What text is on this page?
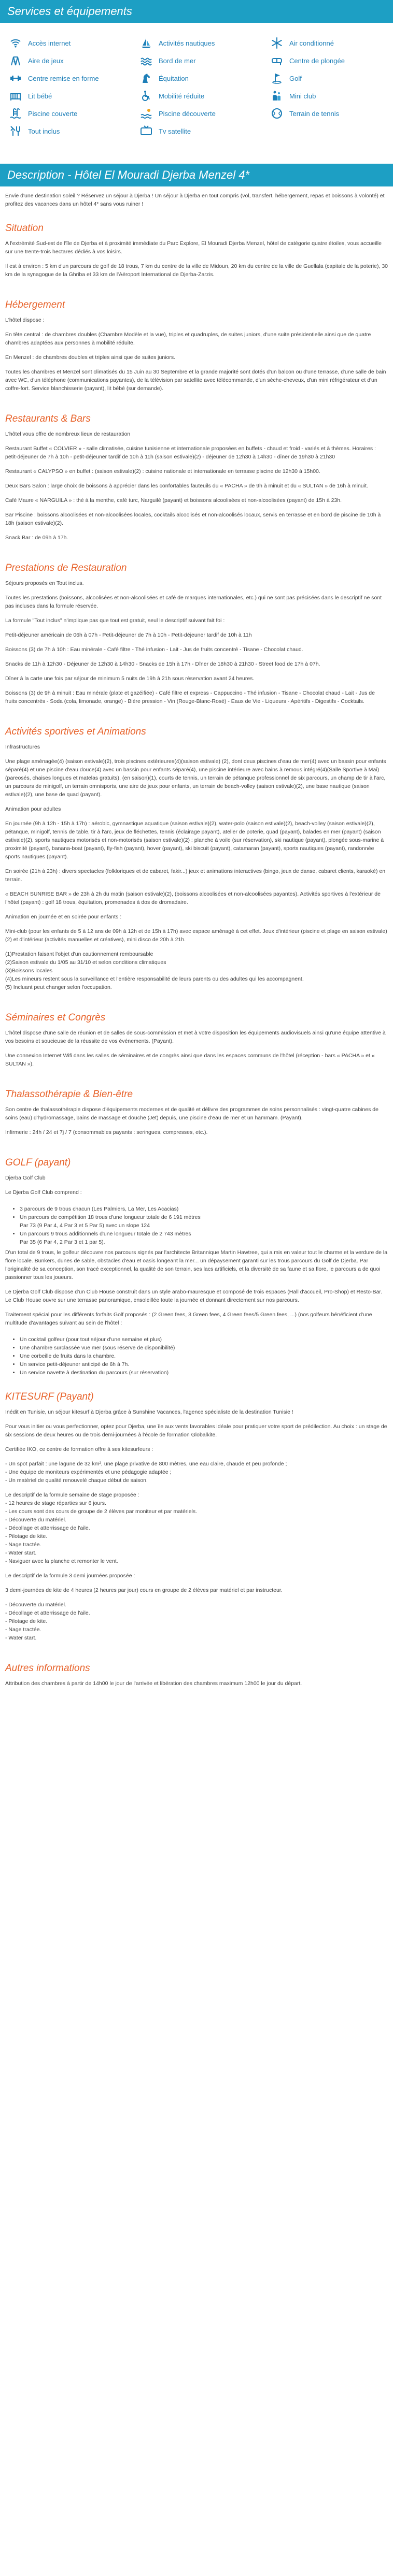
Services et équipements
Accès internet	Activités nautiques	Air conditionné
Aire de jeux	Bord de mer	Centre de plongée
Centre remise en forme	Équitation	Golf
Lit bébé	Mobilité réduite	Mini club
Piscine couverte	Piscine découverte	Terrain de tennis
Tout inclus	Tv satellite
Description - Hôtel El Mouradi Djerba Menzel 4*

Envie d'une destination soleil ? Réservez un séjour à Djerba ! Un séjour à Djerba en tout compris (vol, transfert, hébergement, repas et boissons à volonté) et profitez des vacances dans un hôtel 4* sans vous ruiner !

Situation

A l'extrémité Sud-est de l'île de Djerba et à proximité immédiate du Parc Explore, El Mouradi Djerba Menzel, hôtel de catégorie quatre étoiles, vous accueille sur une trente-trois hectares dédiés à vos loisirs.

Il est à environ : 5 km d'un parcours de golf de 18 trous, 7 km du centre de la ville de Midoun, 20 km du centre de la ville de Guellala (capitale de la poterie), 30 km de la synagogue de la Ghriba et 33 km de l'Aéroport International de Djerba-Zarzis.

Hébergement

L'hôtel dispose :

En tête central : de chambres doubles (Chambre Modèle et la vue), triples et quadruples, de suites juniors, d'une suite présidentielle ainsi que de quatre chambres adaptées aux personnes à mobilité réduite.

En Menzel : de chambres doubles et triples ainsi que de suites juniors.

Toutes les chambres et Menzel sont climatisés du 15 Juin au 30 Septembre et la grande majorité sont dotés d'un balcon ou d'une terrasse, d'une salle de bain avec WC, d'un téléphone (communications payantes), de la télévision par satellite avec télécommande, d'un sèche-cheveux, d'un mini réfrigérateur et d'un coffre-fort. Service blanchisserie (payant), lit bébé (sur demande).

Restaurants & Bars

L'hôtel vous offre de nombreux lieux de restauration

Restaurant Buffet « COLVIER » - salle climatisée, cuisine tunisienne et internationale proposées en buffets - chaud et froid - variés et à thèmes. Horaires : petit-déjeuner de 7h à 10h - petit-déjeuner tardif de 10h à 11h (saison estivale)(2) - déjeuner de 12h30 à 14h30 - dîner de 19h30 à 21h30

Restaurant « CALYPSO » en buffet : (saison estivale)(2) : cuisine nationale et internationale en terrasse piscine de 12h30 à 15h00.

Deux Bars Salon : large choix de boissons à apprécier dans les confortables fauteuils du « PACHA » de 9h à minuit et du « SULTAN » de 16h à minuit.

Café Maure « NARGUILA » : thé à la menthe, café turc, Narguilé (payant) et boissons alcoolisées et non-alcoolisées (payant) de 15h à 23h.

Bar Piscine : boissons alcoolisées et non-alcoolisées locales, cocktails alcoolisés et non-alcoolisés locaux, servis en terrasse et en bord de piscine de 10h à 18h (saison estivale)(2).

Snack Bar : de 09h à 17h.

Prestations de Restauration

Séjours proposés en Tout inclus.

Toutes les prestations (boissons, alcoolisées et non-alcoolisées et café de marques internationales, etc.) qui ne sont pas précisées dans le descriptif ne sont pas incluses dans la formule réservée.

La formule "Tout inclus" n'implique pas que tout est gratuit, seul le descriptif suivant fait foi :

Petit-déjeuner américain de 06h à 07h - Petit-déjeuner de 7h à 10h - Petit-déjeuner tardif de 10h à 11h

Boissons (3) de 7h à 10h : Eau minérale - Café filtre - Thé infusion - Lait - Jus de fruits concentré - Tisane - Chocolat chaud.

Snacks de 11h à 12h30 - Déjeuner de 12h30 à 14h30 - Snacks de 15h à 17h - Dîner de 18h30 à 21h30 - Street food de 17h à 07h.

Dîner à la carte une fois par séjour de minimum 5 nuits de 19h à 21h sous réservation avant 24 heures.

Boissons (3) de 9h à minuit : Eau minérale (plate et gazéifiée) - Café filtre et express - Cappuccino - Thé infusion - Tisane - Chocolat chaud - Lait - Jus de fruits concentrés - Soda (cola, limonade, orange) - Bière pression - Vin (Rouge-Blanc-Rosé) - Eaux de Vie - Liqueurs - Apéritifs - Digestifs - Cocktails.

Activités sportives et Animations

Infrastructures

Une plage aménagée(4) (saison estivale)(2), trois piscines extérieures(4)(saison estivale) (2), dont deux piscines d'eau de mer(4) avec un bassin pour enfants séparé(4) et une piscine d'eau douce(4) avec un bassin pour enfants séparé(4), une piscine intérieure avec bains à remous intégré(4)(Salle Sportive à Mai)(pareosés, chaises longues et matelas gratuits), (en saison)(1), courts de tennis, un terrain de pétanque professionnel de six parcours, un champ de tir à l'arc, un parcours de minigolf, un terrain omnisports, une aire de jeux pour enfants, un terrain de beach-volley (saison estivale)(2), une base nautique (saison estivale)(2), une base de quad (payant).

Animation pour adultes

En journée (9h à 12h - 15h à 17h) : aérobic, gymnastique aquatique (saison estivale)(2), water-polo (saison estivale)(2), beach-volley (saison estivale)(2), pétanque, minigolf, tennis de table, tir à l'arc, jeux de fléchettes, tennis (éclairage payant), atelier de poterie, quad (payant), balades en mer (payant) (saison estivale)(2), sports nautiques motorisés et non-motorisés (saison estivale)(2) : planche à voile (sur réservation), ski nautique (payant), plongée sous-marine à proximité (payant), banana-boat (payant), fly-fish (payant), hover (payant), ski biscuit (payant), catamaran (payant), sports nautiques (payant), randonnée sports nautiques (payant).

En soirée (21h à 23h) : divers spectacles (folkloriques et de cabaret, fakir...) jeux et animations interactives (bingo, jeux de danse, cabaret clients, karaoké) en terrain.

« BEACH SUNRISE BAR » de 23h à 2h du matin (saison estivale)(2), (boissons alcoolisées et non-alcoolisées payantes). Activités sportives à l'extérieur de l'hôtel (payant) : golf 18 trous, équitation, promenades à dos de dromadaire.

Animation en journée et en soirée pour enfants :

Mini-club (pour les enfants de 5 à 12 ans de 09h à 12h et de 15h à 17h) avec espace aménagé à cet effet. Jeux d'intérieur (piscine et plage en saison estivale)(2) et d'intérieur (activités manuelles et créatives), mini disco de 20h à 21h.

(1)Prestation faisant l'objet d'un cautionnement remboursable
(2)Saison estivale du 1/05 au 31/10 et selon conditions climatiques
(3)Boissons locales
(4)Les mineurs restent sous la surveillance et l'entière responsabilité de leurs parents ou des adultes qui les accompagnent.
(5) Incluant peut changer selon l'occupation.

Séminaires et Congrès

L'hôtel dispose d'une salle de réunion et de salles de sous-commission et met à votre disposition les équipements audiovisuels ainsi qu'une équipe attentive à vos besoins et soucieuse de la réussite de vos événements. (Payant).

Une connexion Internet Wifi dans les salles de séminaires et de congrès ainsi que dans les espaces communs de l'hôtel (réception - bars « PACHA » et « SULTAN »).

Thalassothérapie & Bien-être

Son centre de thalassothérapie dispose d'équipements modernes et de qualité et délivre des programmes de soins personnalisés : vingt-quatre cabines de soins (eau) d'hydromassage, bains de massage et douche (Jet) depuis, une piscine d'eau de mer et un hammam. (Payant).

Infirmerie : 24h / 24 et 7j / 7 (consommables payants : seringues, compresses, etc.).

GOLF (payant)

Djerba Golf Club

Le Djerba Golf Club comprend :

• 3 parcours de 9 trous chacun (Les Palmiers, La Mer, Les Acacias)
• Un parcours de compétition 18 trous d'une longueur totale de 6 191 mètres
Par 73 (9 Par 4, 4 Par 3 et 5 Par 5) avec un slope 124
• Un parcours 9 trous additionnels d'une longueur totale de 2 743 mètres
Par 35 (6 Par 4, 2 Par 3 et 1 par 5).

D'un total de 9 trous, le golfeur découvre nos parcours signés par l'architecte Britannique Martin Hawtree, qui a mis en valeur tout le charme et la verdure de la flore locale. Bunkers, dunes de sable, obstacles d'eau et oasis longeant la mer... un dépaysement garanti sur les trous parcours du Golf de Djerba. Par l'originalité de sa conception, son tracé exceptionnel, la qualité de son terrain, ses lacs artificiels, et la diversité de sa faune et sa flore, le parcours a de quoi passionner tous les joueurs.

Le Djerba Golf Club dispose d'un Club House construit dans un style arabo-mauresque et composé de trois espaces (Hall d'accueil, Pro-Shop) et Resto-Bar. Le Club House ouvre sur une terrasse panoramique, ensoleillée toute la journée et donnant directement sur nos parcours.

Traitement spécial pour les différents forfaits Golf proposés : (2 Green fees, 3 Green fees, 4 Green fees/5 Green fees, ...) (nos golfeurs bénéficient d'une multitude d'avantages suivant au sein de l'hôtel :

• Un cocktail golfeur (pour tout séjour d'une semaine et plus)
• Une chambre surclassée vue mer (sous réserve de disponibilité)
• Une corbeille de fruits dans la chambre.
• Un service petit-déjeuner anticipé de 6h à 7h.
• Un service navette à destination du parcours (sur réservation)
KITESURF (Payant)

Inédit en Tunisie, un séjour kitesurf à Djerba grâce à Sunshine Vacances, l'agence spécialiste de la destination Tunisie !

Pour vous initier ou vous perfectionner, optez pour Djerba, une île aux vents favorables idéale pour pratiquer votre sport de prédilection. Au choix : un stage de six sessions de deux heures ou de trois demi-journées à l'école de formation Globalkite.

Certifiée IKO, ce centre de formation offre à ses kitesurfeurs :

- Un spot parfait : une lagune de 32 km², une plage privative de 800 mètres, une eau claire, chaude et peu profonde ;
- Une équipe de moniteurs expérimentés et une pédagogie adaptée ;
- Un matériel de qualité renouvelé chaque début de saison.

Le descriptif de la formule semaine de stage proposée :
- 12 heures de stage réparties sur 6 jours.
- Les cours sont des cours de groupe de 2 élèves par moniteur et par matériels.
- Découverte du matériel.
- Décollage et atterrissage de l'aile.
- Pilotage de kite.
- Nage tractée.
- Water start.
- Naviguer avec la planche et remonter le vent.

Le descriptif de la formule 3 demi journées proposée :

3 demi-journées de kite de 4 heures (2 heures par jour) cours en groupe de 2 élèves par matériel et par instructeur.

- Découverte du matériel.
- Décollage et atterrissage de l'aile.
- Pilotage de kite.
- Nage tractée.
- Water start.

Autres informations

Attribution des chambres à partir de 14h00 le jour de l'arrivée et libération des chambres maximum 12h00 le jour du départ.
